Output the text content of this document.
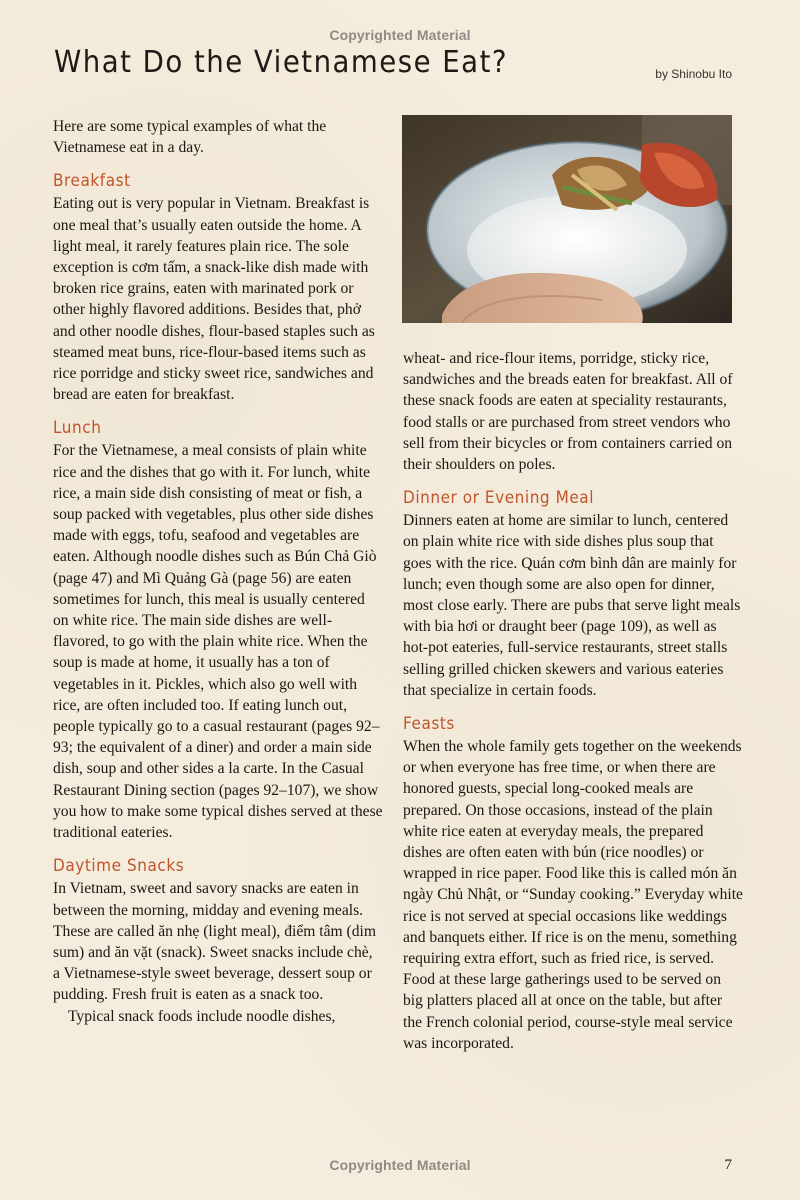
Copyrighted Material
What Do the Vietnamese Eat?	by Shinobu Ito

Here are some typical examples of what the Vietnamese eat in a day.

Breakfast

Eating out is very popular in Vietnam. Breakfast is one meal that’s usually eaten outside the home. A light meal, it rarely features plain rice. The sole exception is cơm tấm, a snack-like dish made with broken rice grains, eaten with marinated pork or other highly flavored additions. Besides that, phở and other noodle dishes, flour-based staples such as steamed meat buns, rice-flour-based items such as rice porridge and sticky sweet rice, sandwiches and bread are eaten for breakfast.

Lunch

For the Vietnamese, a meal consists of plain white rice and the dishes that go with it. For lunch, white rice, a main side dish consisting of meat or fish, a soup packed with vegetables, plus other side dishes made with eggs, tofu, seafood and vegetables are eaten. Although noodle dishes such as Bún Chả Giò (page 47) and Mì Quảng Gà (page 56) are eaten sometimes for lunch, this meal is usually centered on white rice. The main side dishes are well-flavored, to go with the plain white rice. When the soup is made at home, it usually has a ton of vegetables in it. Pickles, which also go well with rice, are often included too. If eating lunch out, people typically go to a casual restaurant (pages 92–93; the equivalent of a diner) and order a main side dish, soup and other sides a la carte. In the Casual Restaurant Dining section (pages 92–107), we show you how to make some typical dishes served at these traditional eateries.

Daytime Snacks

In Vietnam, sweet and savory snacks are eaten in between the morning, midday and evening meals. These are called ăn nhẹ (light meal), điểm tâm (dim sum) and ăn vặt (snack). Sweet snacks include chè, a Vietnamese-style sweet beverage, dessert soup or pudding. Fresh fruit is eaten as a snack too.

Typical snack foods include noodle dishes,

wheat- and rice-flour items, porridge, sticky rice, sandwiches and the breads eaten for breakfast. All of these snack foods are eaten at speciality restaurants, food stalls or are purchased from street vendors who sell from their bicycles or from containers carried on their shoulders on poles.

Dinner or Evening Meal

Dinners eaten at home are similar to lunch, centered on plain white rice with side dishes plus soup that goes with the rice. Quán cơm bình dân are mainly for lunch; even though some are also open for dinner, most close early. There are pubs that serve light meals with bia hơi or draught beer (page 109), as well as hot-pot eateries, full-service restaurants, street stalls selling grilled chicken skewers and various eateries that specialize in certain foods.

Feasts

When the whole family gets together on the weekends or when everyone has free time, or when there are honored guests, special long-cooked meals are prepared. On those occasions, instead of the plain white rice eaten at everyday meals, the prepared dishes are often eaten with bún (rice noodles) or wrapped in rice paper. Food like this is called món ăn ngày Chủ Nhật, or “Sunday cooking.” Everyday white rice is not served at special occasions like weddings and banquets either. If rice is on the menu, something requiring extra effort, such as fried rice, is served. Food at these large gatherings used to be served on big platters placed all at once on the table, but after the French colonial period, course-style meal service was incorporated.

Copyrighted Material	7
